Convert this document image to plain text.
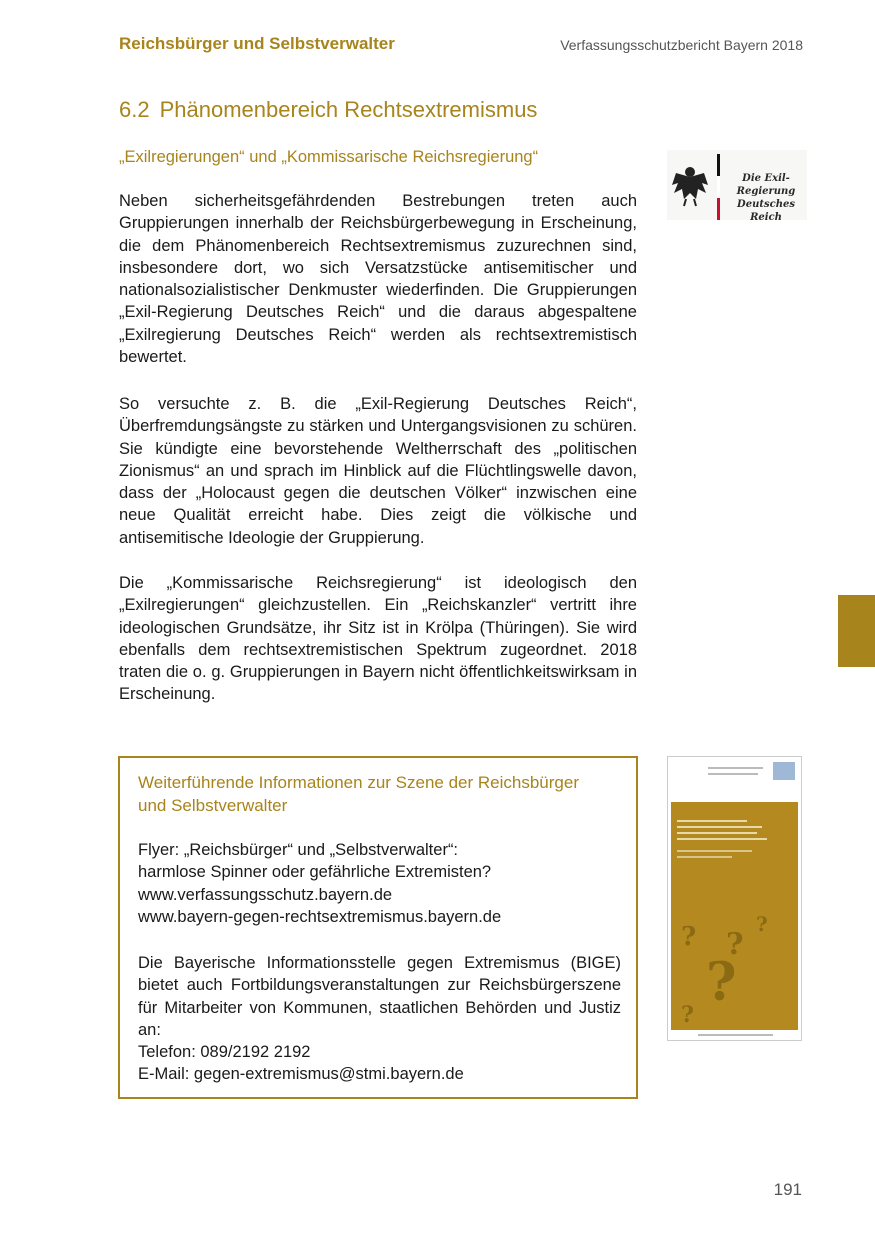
Reichsbürger und Selbstverwalter	Verfassungsschutzbericht Bayern 2018
6.2 Phänomenbereich Rechtsextremismus
„Exilregierungen“ und „Kommissarische Reichsregierung“
Neben sicherheitsgefährdenden Bestrebungen treten auch Gruppierungen innerhalb der Reichsbürgerbewegung in Erscheinung, die dem Phänomenbereich Rechtsextremismus zuzurechnen sind, insbesondere dort, wo sich Versatzstücke antisemitischer und nationalsozialistischer Denkmuster wiederfinden. Die Gruppierungen „Exil-Regierung Deutsches Reich“ und die daraus abgespaltene „Exilregierung Deutsches Reich“ werden als rechtsextremistisch bewertet.
So versuchte z. B. die „Exil-Regierung Deutsches Reich“, Überfremdungsängste zu stärken und Untergangsvisionen zu schüren. Sie kündigte eine bevorstehende Weltherrschaft des „politischen Zionismus“ an und sprach im Hinblick auf die Flüchtlingswelle davon, dass der „Holocaust gegen die deutschen Völker“ inzwischen eine neue Qualität erreicht habe. Dies zeigt die völkische und antisemitische Ideologie der Gruppierung.
Die „Kommissarische Reichsregierung“ ist ideologisch den „Exilregierungen“ gleichzustellen. Ein „Reichskanzler“ vertritt ihre ideologischen Grundsätze, ihr Sitz ist in Krölpa (Thüringen). Sie wird ebenfalls dem rechtsextremistischen Spektrum zugeordnet. 2018 traten die o. g. Gruppierungen in Bayern nicht öffentlichkeitswirksam in Erscheinung.
Die Exil-Regierung
Deutsches Reich
Weiterführende Informationen zur Szene der Reichsbürger und Selbstverwalter
Flyer: „Reichsbürger“ und „Selbstverwalter“:
harmlose Spinner oder gefährliche Extremisten?
www.verfassungsschutz.bayern.de
www.bayern-gegen-rechtsextremismus.bayern.de
Die Bayerische Informationsstelle gegen Extremismus (BIGE) bietet auch Fortbildungsveranstaltungen zur Reichsbürgerszene für Mitarbeiter von Kommunen, staatlichen Behörden und Justiz an:
Telefon: 089/2192 2192
E-Mail: gegen-extremismus@stmi.bayern.de
? ?
?
?
?
191
